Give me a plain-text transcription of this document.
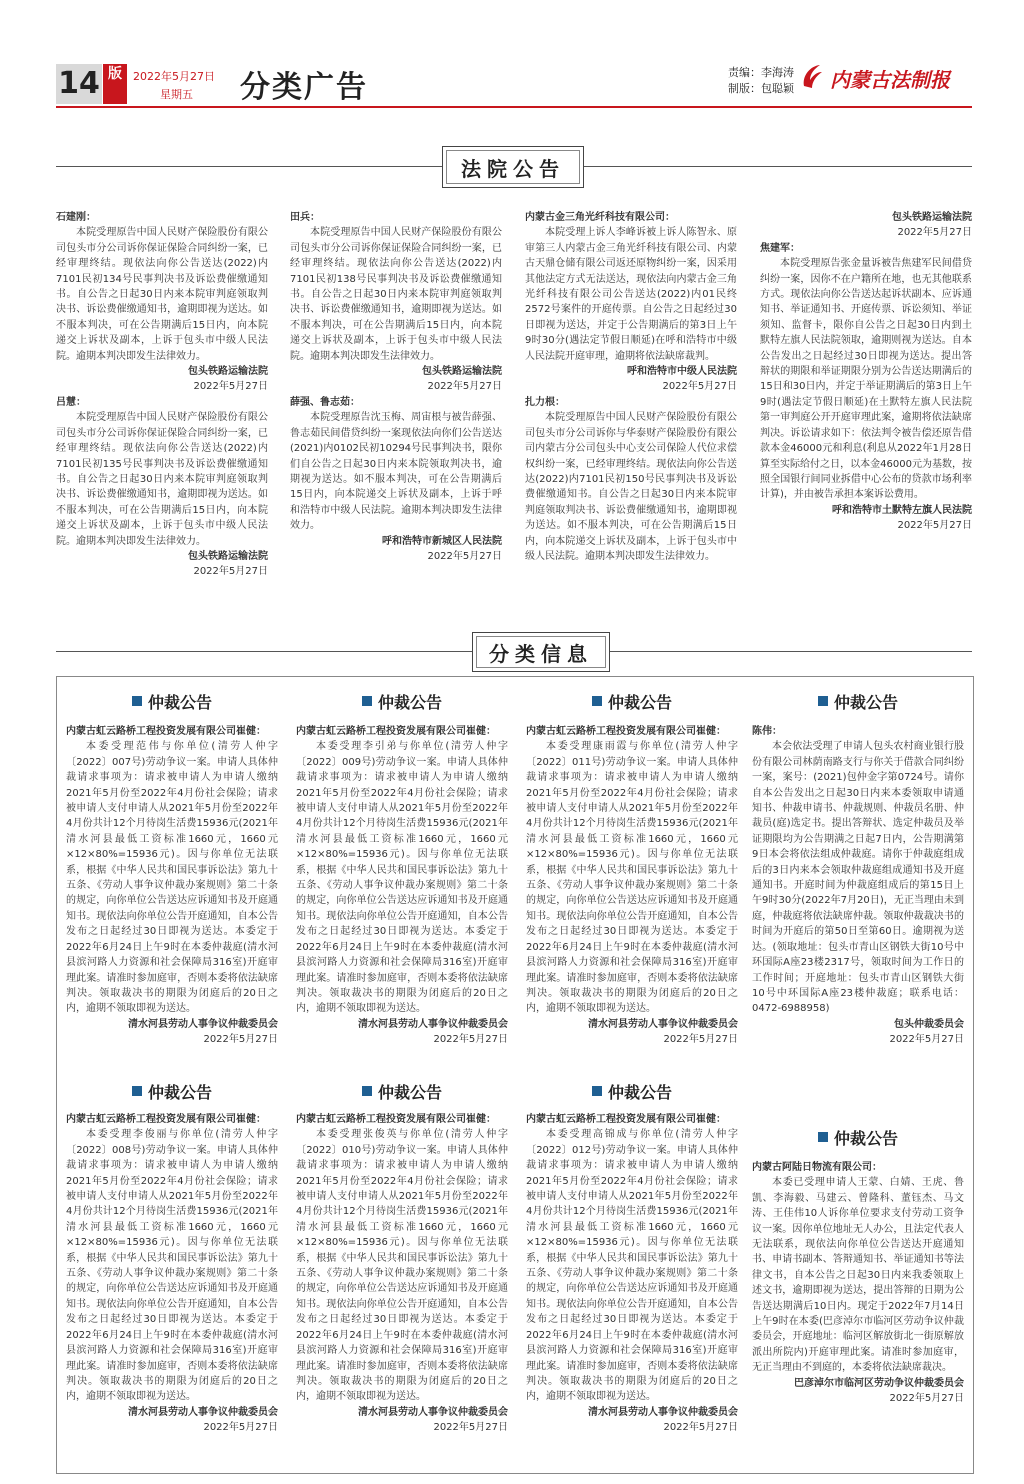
14 版	2022年5月27日
星期五 分类广告	责编：李海涛
制版：包聪颖 内蒙古法制报
法院公告

石建刚：

本院受理原告中国人民财产保险股份有限公司包头市分公司诉你保证保险合同纠纷一案，已经审理终结。现依法向你公告送达(2022)内7101民初134号民事判决书及诉讼费催缴通知书。自公告之日起30日内来本院审判庭领取判决书、诉讼费催缴通知书，逾期即视为送达。如不服本判决，可在公告期满后15日内，向本院递交上诉状及副本，上诉于包头市中级人民法院。逾期本判决即发生法律效力。

包头铁路运输法院

2022年5月27日

吕慧：

本院受理原告中国人民财产保险股份有限公司包头市分公司诉你保证保险合同纠纷一案，已经审理终结。现依法向你公告送达(2022)内7101民初135号民事判决书及诉讼费催缴通知书。自公告之日起30日内来本院审判庭领取判决书、诉讼费催缴通知书，逾期即视为送达。如不服本判决，可在公告期满后15日内，向本院递交上诉状及副本，上诉于包头市中级人民法院。逾期本判决即发生法律效力。

包头铁路运输法院

2022年5月27日

田兵：

本院受理原告中国人民财产保险股份有限公司包头市分公司诉你保证保险合同纠纷一案，已经审理终结。现依法向你公告送达(2022)内7101民初138号民事判决书及诉讼费催缴通知书。自公告之日起30日内来本院审判庭领取判决书、诉讼费催缴通知书，逾期即视为送达。如不服本判决，可在公告期满后15日内，向本院递交上诉状及副本，上诉于包头市中级人民法院。逾期本判决即发生法律效力。

包头铁路运输法院

2022年5月27日

薛强、鲁志茹：

本院受理原告沈玉梅、周宙根与被告薛强、鲁志茹民间借贷纠纷一案现依法向你们公告送达(2021)内0102民初10294号民事判决书，限你们自公告之日起30日内来本院领取判决书，逾期视为送达。如不服本判决，可在公告期满后15日内，向本院递交上诉状及副本，上诉于呼和浩特市中级人民法院。逾期本判决即发生法律效力。

呼和浩特市新城区人民法院

2022年5月27日

内蒙古金三角光纤科技有限公司：

本院受理上诉人李峰诉被上诉人陈智永、原审第三人内蒙古金三角光纤科技有限公司、内蒙古天鼎仓储有限公司返还原物纠纷一案，因采用其他法定方式无法送达，现依法向内蒙古金三角光纤科技有限公司公告送达(2022)内01民终2572号案件的开庭传票。自公告之日起经过30日即视为送达，并定于公告期满后的第3日上午9时30分(遇法定节假日顺延)在呼和浩特市中级人民法院开庭审理，逾期将依法缺席裁判。

呼和浩特市中级人民法院

2022年5月27日

扎力根：

本院受理原告中国人民财产保险股份有限公司包头市分公司诉你与华泰财产保险股份有限公司内蒙古分公司包头中心支公司保险人代位求偿权纠纷一案，已经审理终结。现依法向你公告送达(2022)内7101民初150号民事判决书及诉讼费催缴通知书。自公告之日起30日内来本院审判庭领取判决书、诉讼费催缴通知书，逾期即视为送达。如不服本判决，可在公告期满后15日内，向本院递交上诉状及副本，上诉于包头市中级人民法院。逾期本判决即发生法律效力。

包头铁路运输法院

2022年5月27日

焦建军：

本院受理原告张金量诉被告焦建军民间借贷纠纷一案，因你不在户籍所在地，也无其他联系方式。现依法向你公告送达起诉状副本、应诉通知书、举证通知书、开庭传票、诉讼须知、举证须知、监督卡，限你自公告之日起30日内到土默特左旗人民法院领取，逾期则视为送达。自本公告发出之日起经过30日即视为送达。提出答辩状的期限和举证期限分别为公告送达期满后的15日和30日内，并定于举证期满后的第3日上午9时(遇法定节假日顺延)在土默特左旗人民法院第一审判庭公开开庭审理此案，逾期将依法缺席判决。诉讼请求如下：依法判令被告偿还原告借款本金46000元和利息(利息从2022年1月28日算至实际给付之日，以本金46000元为基数，按照全国银行间同业拆借中心公布的贷款市场利率计算)，并由被告承担本案诉讼费用。

呼和浩特市土默特左旗人民法院

2022年5月27日

分类信息
仲裁公告

内蒙古虹云路桥工程投资发展有限公司崔健：

本委受理范伟与你单位(清劳人仲字〔2022〕007号)劳动争议一案。申请人具体仲裁请求事项为：请求被申请人为申请人缴纳2021年5月份至2022年4月份社会保险；请求被申请人支付申请人从2021年5月份至2022年4月份共计12个月待岗生活费15936元(2021年清水河县最低工资标准1660元，1660元×12×80%=15936元)。因与你单位无法联系，根据《中华人民共和国民事诉讼法》第九十五条、《劳动人事争议仲裁办案规则》第二十条的规定，向你单位公告送达应诉通知书及开庭通知书。现依法向你单位公告开庭通知，自本公告发布之日起经过30日即视为送达。本委定于2022年6月24日上午9时在本委仲裁庭(清水河县滨河路人力资源和社会保障局316室)开庭审理此案。请准时参加庭审，否则本委将依法缺席判决。领取裁决书的期限为闭庭后的20日之内，逾期不领取即视为送达。

清水河县劳动人事争议仲裁委员会

2022年5月27日

仲裁公告

内蒙古虹云路桥工程投资发展有限公司崔健：

本委受理李引弟与你单位(清劳人仲字〔2022〕009号)劳动争议一案。申请人具体仲裁请求事项为：请求被申请人为申请人缴纳2021年5月份至2022年4月份社会保险；请求被申请人支付申请人从2021年5月份至2022年4月份共计12个月待岗生活费15936元(2021年清水河县最低工资标准1660元，1660元×12×80%=15936元)。因与你单位无法联系，根据《中华人民共和国民事诉讼法》第九十五条、《劳动人事争议仲裁办案规则》第二十条的规定，向你单位公告送达应诉通知书及开庭通知书。现依法向你单位公告开庭通知，自本公告发布之日起经过30日即视为送达。本委定于2022年6月24日上午9时在本委仲裁庭(清水河县滨河路人力资源和社会保障局316室)开庭审理此案。请准时参加庭审，否则本委将依法缺席判决。领取裁决书的期限为闭庭后的20日之内，逾期不领取即视为送达。

清水河县劳动人事争议仲裁委员会

2022年5月27日

仲裁公告

内蒙古虹云路桥工程投资发展有限公司崔健：

本委受理康雨霞与你单位(清劳人仲字〔2022〕011号)劳动争议一案。申请人具体仲裁请求事项为：请求被申请人为申请人缴纳2021年5月份至2022年4月份社会保险；请求被申请人支付申请人从2021年5月份至2022年4月份共计12个月待岗生活费15936元(2021年清水河县最低工资标准1660元，1660元×12×80%=15936元)。因与你单位无法联系，根据《中华人民共和国民事诉讼法》第九十五条、《劳动人事争议仲裁办案规则》第二十条的规定，向你单位公告送达应诉通知书及开庭通知书。现依法向你单位公告开庭通知，自本公告发布之日起经过30日即视为送达。本委定于2022年6月24日上午9时在本委仲裁庭(清水河县滨河路人力资源和社会保障局316室)开庭审理此案。请准时参加庭审，否则本委将依法缺席判决。领取裁决书的期限为闭庭后的20日之内，逾期不领取即视为送达。

清水河县劳动人事争议仲裁委员会

2022年5月27日

仲裁公告

陈伟：

本会依法受理了申请人包头农村商业银行股份有限公司林荫南路支行与你关于借款合同纠纷一案，案号：(2021)包仲金字第0724号。请你自本公告发出之日起30日内来本委领取申请通知书、仲裁申请书、仲裁规则、仲裁员名册、仲裁员(庭)选定书。提出答辩状、选定仲裁员及举证期限均为公告期满之日起7日内，公告期满第9日本会将依法组成仲裁庭。请你于仲裁庭组成后的3日内来本会领取仲裁庭组成通知书及开庭通知书。开庭时间为仲裁庭组成后的第15日上午9时30分(2022年7月20日)，无正当理由未到庭，仲裁庭将依法缺席仲裁。领取仲裁裁决书的时间为开庭后的第50日至第60日。逾期视为送达。(领取地址：包头市青山区钢铁大街10号中环国际A座23楼2317号，领取时间为工作日的工作时间；开庭地址：包头市青山区钢铁大街10号中环国际A座23楼仲裁庭；联系电话：0472-6988958)

包头仲裁委员会

2022年5月27日

仲裁公告

内蒙古虹云路桥工程投资发展有限公司崔健：

本委受理李俊丽与你单位(清劳人仲字〔2022〕008号)劳动争议一案。申请人具体仲裁请求事项为：请求被申请人为申请人缴纳2021年5月份至2022年4月份社会保险；请求被申请人支付申请人从2021年5月份至2022年4月份共计12个月待岗生活费15936元(2021年清水河县最低工资标准1660元，1660元×12×80%=15936元)。因与你单位无法联系，根据《中华人民共和国民事诉讼法》第九十五条、《劳动人事争议仲裁办案规则》第二十条的规定，向你单位公告送达应诉通知书及开庭通知书。现依法向你单位公告开庭通知，自本公告发布之日起经过30日即视为送达。本委定于2022年6月24日上午9时在本委仲裁庭(清水河县滨河路人力资源和社会保障局316室)开庭审理此案。请准时参加庭审，否则本委将依法缺席判决。领取裁决书的期限为闭庭后的20日之内，逾期不领取即视为送达。

清水河县劳动人事争议仲裁委员会

2022年5月27日

仲裁公告

内蒙古虹云路桥工程投资发展有限公司崔健：

本委受理张俊英与你单位(清劳人仲字〔2022〕010号)劳动争议一案。申请人具体仲裁请求事项为：请求被申请人为申请人缴纳2021年5月份至2022年4月份社会保险；请求被申请人支付申请人从2021年5月份至2022年4月份共计12个月待岗生活费15936元(2021年清水河县最低工资标准1660元，1660元×12×80%=15936元)。因与你单位无法联系，根据《中华人民共和国民事诉讼法》第九十五条、《劳动人事争议仲裁办案规则》第二十条的规定，向你单位公告送达应诉通知书及开庭通知书。现依法向你单位公告开庭通知，自本公告发布之日起经过30日即视为送达。本委定于2022年6月24日上午9时在本委仲裁庭(清水河县滨河路人力资源和社会保障局316室)开庭审理此案。请准时参加庭审，否则本委将依法缺席判决。领取裁决书的期限为闭庭后的20日之内，逾期不领取即视为送达。

清水河县劳动人事争议仲裁委员会

2022年5月27日

仲裁公告

内蒙古虹云路桥工程投资发展有限公司崔健：

本委受理高锦成与你单位(清劳人仲字〔2022〕012号)劳动争议一案。申请人具体仲裁请求事项为：请求被申请人为申请人缴纳2021年5月份至2022年4月份社会保险；请求被申请人支付申请人从2021年5月份至2022年4月份共计12个月待岗生活费15936元(2021年清水河县最低工资标准1660元，1660元×12×80%=15936元)。因与你单位无法联系，根据《中华人民共和国民事诉讼法》第九十五条、《劳动人事争议仲裁办案规则》第二十条的规定，向你单位公告送达应诉通知书及开庭通知书。现依法向你单位公告开庭通知，自本公告发布之日起经过30日即视为送达。本委定于2022年6月24日上午9时在本委仲裁庭(清水河县滨河路人力资源和社会保障局316室)开庭审理此案。请准时参加庭审，否则本委将依法缺席判决。领取裁决书的期限为闭庭后的20日之内，逾期不领取即视为送达。

清水河县劳动人事争议仲裁委员会

2022年5月27日

仲裁公告

内蒙古阿陆日物流有限公司：

本委已受理申请人王蒙、白婧、王虎、鲁凯、李海毅、马建云、曾隆科、董钰杰、马文涛、王佳伟10人诉你单位要求支付劳动工资争议一案。因你单位地址无人办公，且法定代表人无法联系，现依法向你单位公告送达开庭通知书、申请书副本、答辩通知书、举证通知书等法律文书，自本公告之日起30日内来我委领取上述文书，逾期即视为送达，提出答辩的日期为公告送达期满后10日内。现定于2022年7月14日上午9时在本委(巴彦淖尔市临河区劳动争议仲裁委员会，开庭地址：临河区解放街北一街原解放派出所院内)开庭审理此案。请准时参加庭审，无正当理由不到庭的，本委将依法缺席裁决。

巴彦淖尔市临河区劳动争议仲裁委员会

2022年5月27日
